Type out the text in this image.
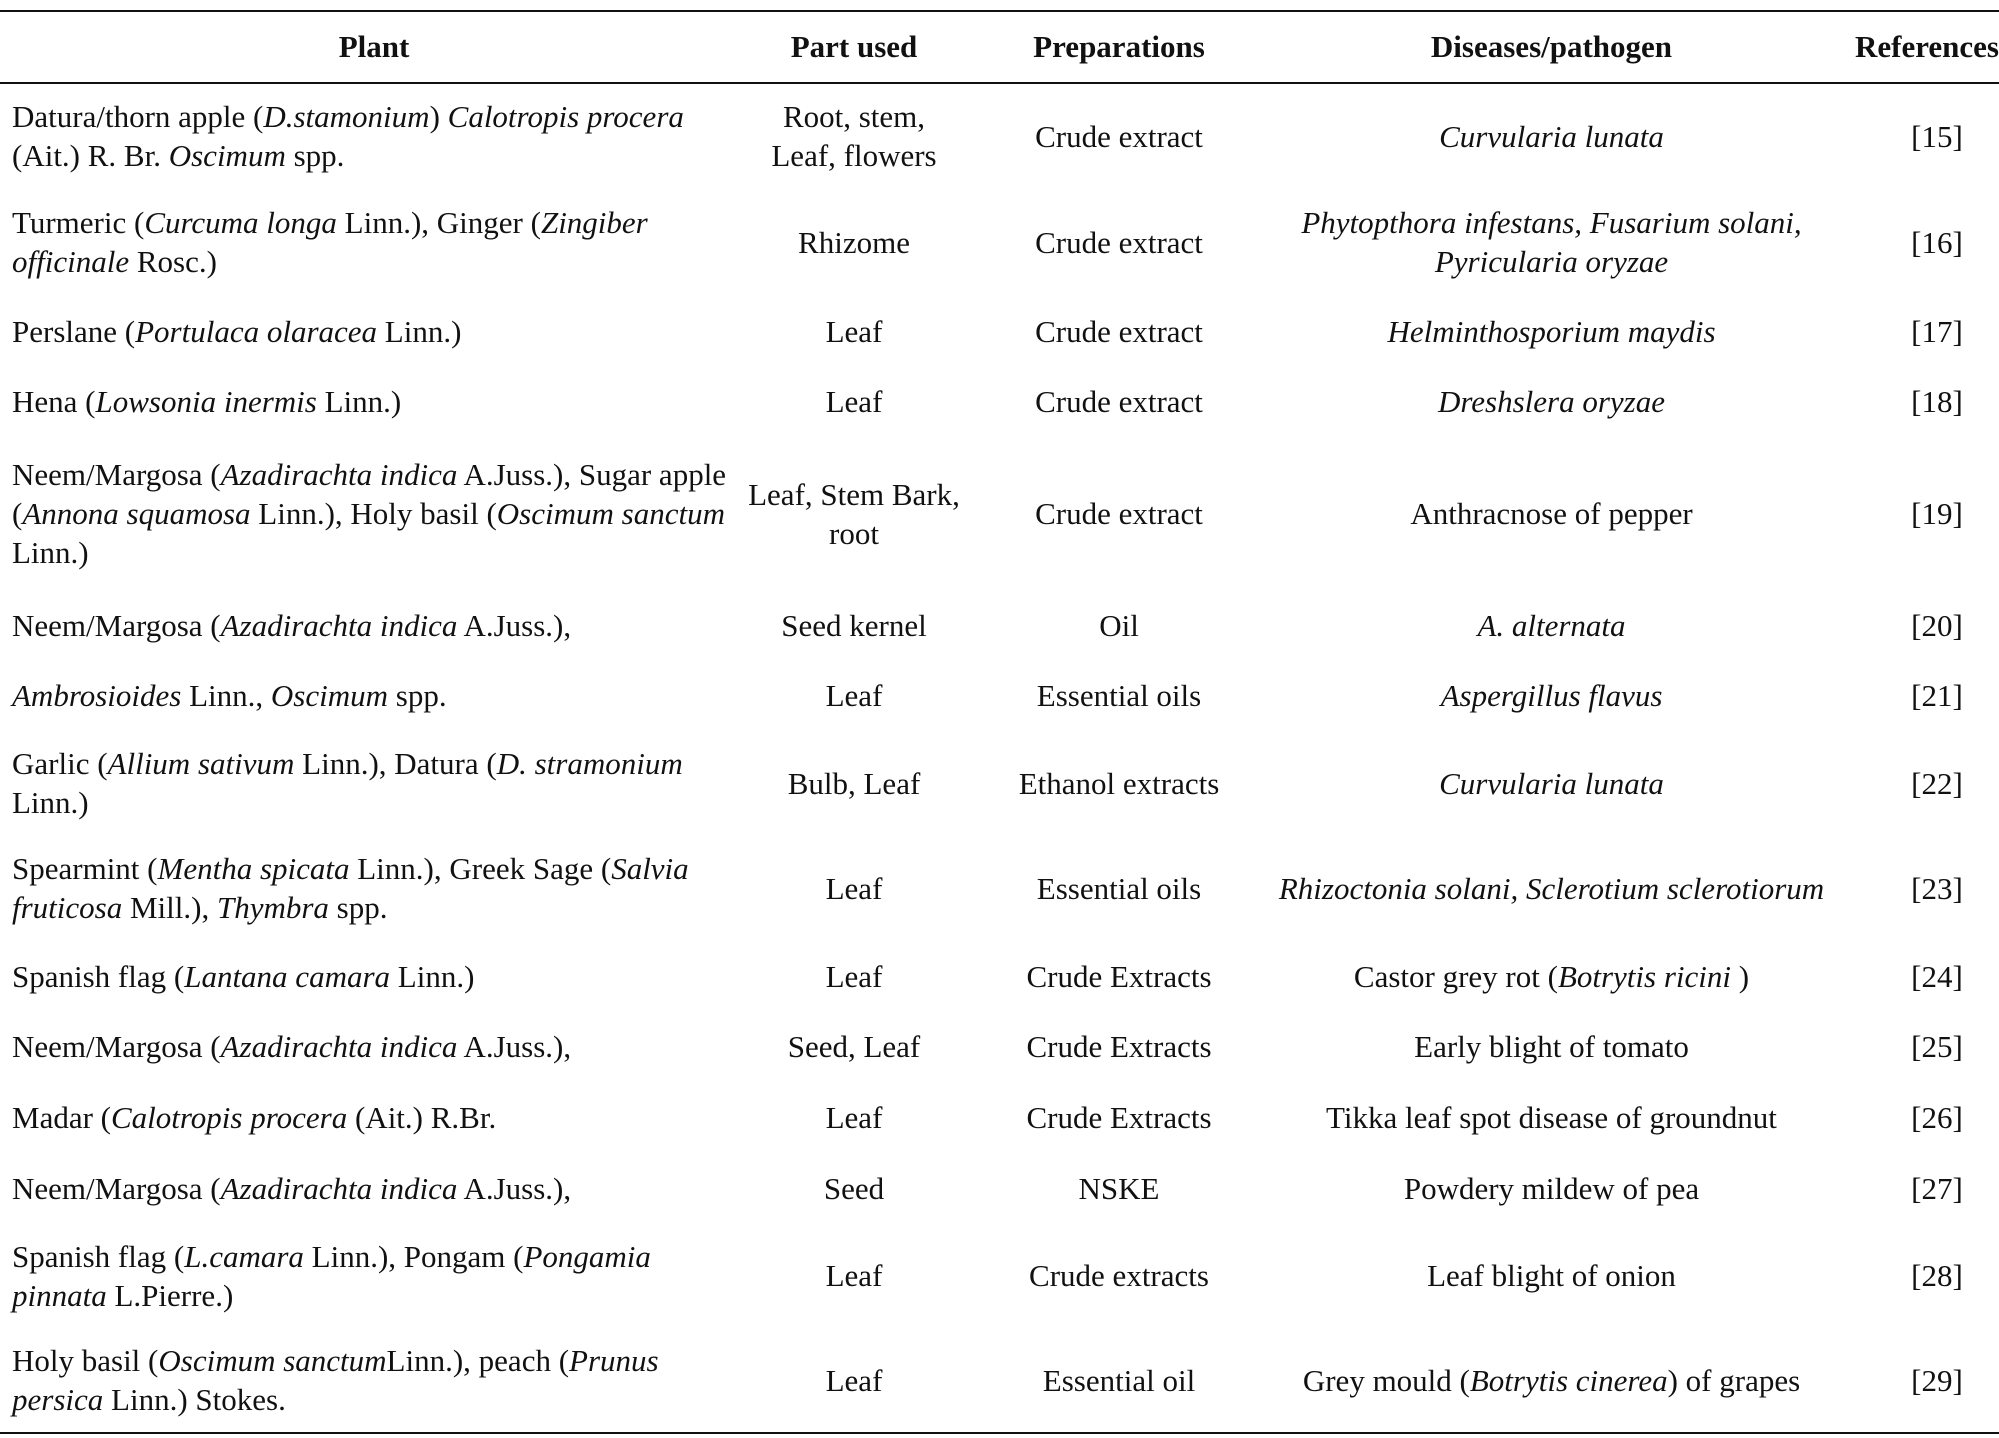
Plant	Part used	Preparations	Diseases/pathogen	References
Datura/thorn apple (D.stamonium) Calotropis procera (Ait.) R. Br. Oscimum spp.	Root, stem, Leaf, flowers	Crude extract	Curvularia lunata	[15]
Turmeric (Curcuma longa Linn.), Ginger (Zingiber officinale Rosc.)	Rhizome	Crude extract	Phytopthora infestans, Fusarium solani, Pyricularia oryzae	[16]
Perslane (Portulaca olaracea Linn.)	Leaf	Crude extract	Helminthosporium maydis	[17]
Hena (Lowsonia inermis Linn.)	Leaf	Crude extract	Dreshslera oryzae	[18]
Neem/Margosa (Azadirachta indica A.Juss.), Sugar apple (Annona squamosa Linn.), Holy basil (Oscimum sanctum Linn.)	Leaf, Stem Bark, root	Crude extract	Anthracnose of pepper	[19]
Neem/Margosa (Azadirachta indica A.Juss.),	Seed kernel	Oil	A. alternata	[20]
Ambrosioides Linn., Oscimum spp.	Leaf	Essential oils	Aspergillus flavus	[21]
Garlic (Allium sativum Linn.), Datura (D. stramonium Linn.)	Bulb, Leaf	Ethanol extracts	Curvularia lunata	[22]
Spearmint (Mentha spicata Linn.), Greek Sage (Salvia fruticosa Mill.), Thymbra spp.	Leaf	Essential oils	Rhizoctonia solani, Sclerotium sclerotiorum	[23]
Spanish flag (Lantana camara Linn.)	Leaf	Crude Extracts	Castor grey rot (Botrytis ricini )	[24]
Neem/Margosa (Azadirachta indica A.Juss.),	Seed, Leaf	Crude Extracts	Early blight of tomato	[25]
Madar (Calotropis procera (Ait.) R.Br.	Leaf	Crude Extracts	Tikka leaf spot disease of groundnut	[26]
Neem/Margosa (Azadirachta indica A.Juss.),	Seed	NSKE	Powdery mildew of pea	[27]
Spanish flag (L.camara Linn.), Pongam (Pongamia pinnata L.Pierre.)	Leaf	Crude extracts	Leaf blight of onion	[28]
Holy basil (Oscimum sanctumLinn.), peach (Prunus persica Linn.) Stokes.	Leaf	Essential oil	Grey mould (Botrytis cinerea) of grapes	[29]
